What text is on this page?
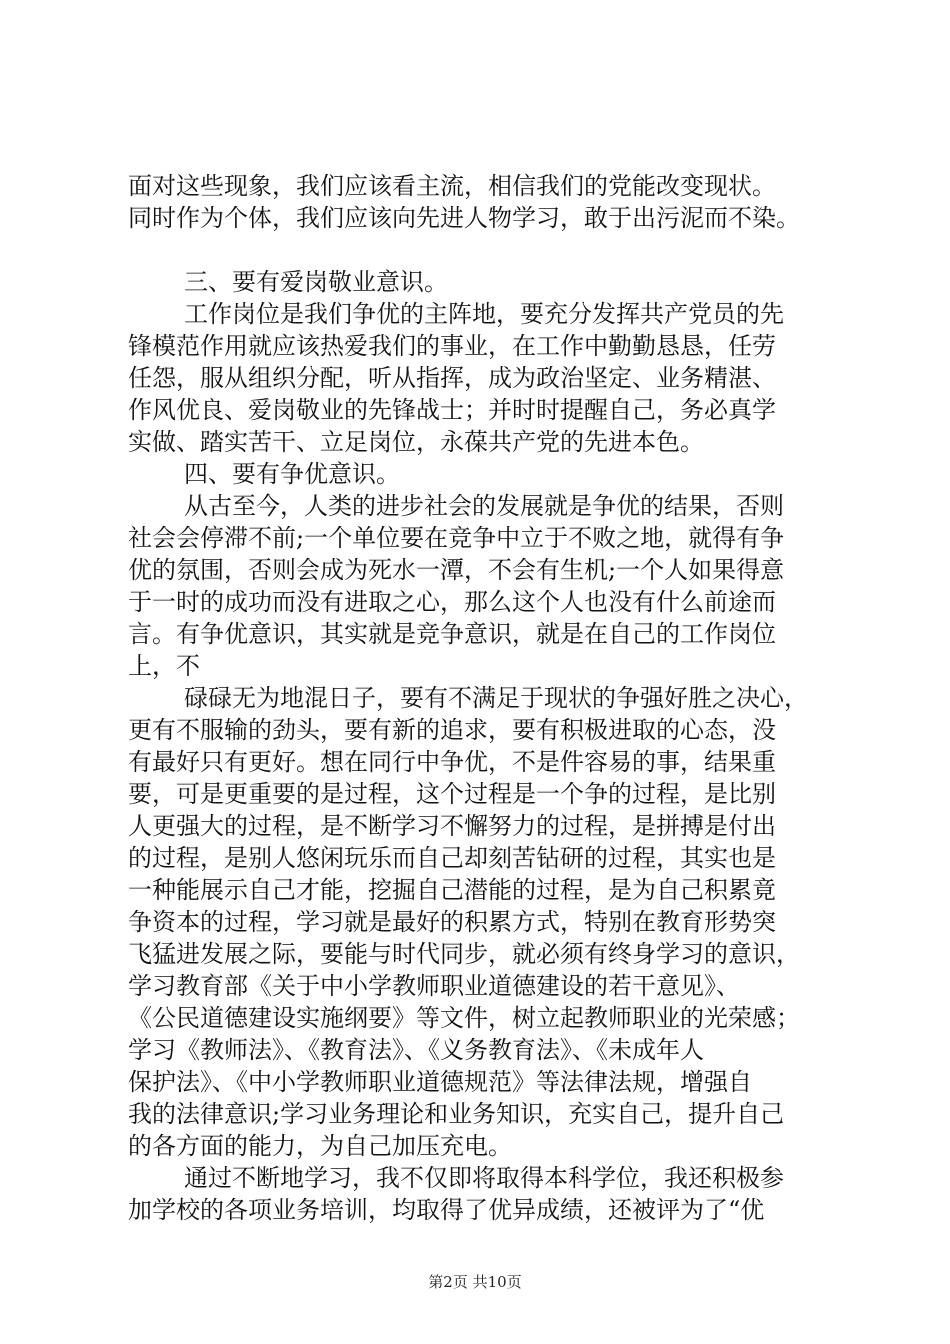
面对这些现象，我们应该看主流，相信我们的党能改变现状。
同时作为个体，我们应该向先进人物学习，敢于出污泥而不染。
三、要有爱岗敬业意识。
工作岗位是我们争优的主阵地，要充分发挥共产党员的先
锋模范作用就应该热爱我们的事业，在工作中勤勤恳恳，任劳
任怨，服从组织分配，听从指挥，成为政治坚定、业务精湛、
作风优良、爱岗敬业的先锋战士；并时时提醒自己，务必真学
实做、踏实苦干、立足岗位，永葆共产党的先进本色。
四、要有争优意识。
从古至今，人类的进步社会的发展就是争优的结果，否则
社会会停滞不前;一个单位要在竞争中立于不败之地，就得有争
优的氛围，否则会成为死水一潭，不会有生机;一个人如果得意
于一时的成功而没有进取之心，那么这个人也没有什么前途而
言。有争优意识，其实就是竞争意识，就是在自己的工作岗位
上，不
碌碌无为地混日子，要有不满足于现状的争强好胜之决心，
更有不服输的劲头，要有新的追求，要有积极进取的心态，没
有最好只有更好。想在同行中争优，不是件容易的事，结果重
要，可是更重要的是过程，这个过程是一个争的过程，是比别
人更强大的过程，是不断学习不懈努力的过程，是拼搏是付出
的过程，是别人悠闲玩乐而自己却刻苦钻研的过程，其实也是
一种能展示自己才能，挖掘自己潜能的过程，是为自己积累竟
争资本的过程，学习就是最好的积累方式，特别在教育形势突
飞猛进发展之际，要能与时代同步，就必须有终身学习的意识，
学习教育部《关于中小学教师职业道德建设的若干意见》、
《公民道德建设实施纲要》等文件，树立起教师职业的光荣感；
学习《教师法》、《教育法》、《义务教育法》、《未成年人
保护法》、《中小学教师职业道德规范》等法律法规，增强自
我的法律意识;学习业务理论和业务知识，充实自己，提升自己
的各方面的能力，为自己加压充电。
通过不断地学习，我不仅即将取得本科学位，我还积极参
加学校的各项业务培训，均取得了优异成绩，还被评为了“优
第2页 共10页
